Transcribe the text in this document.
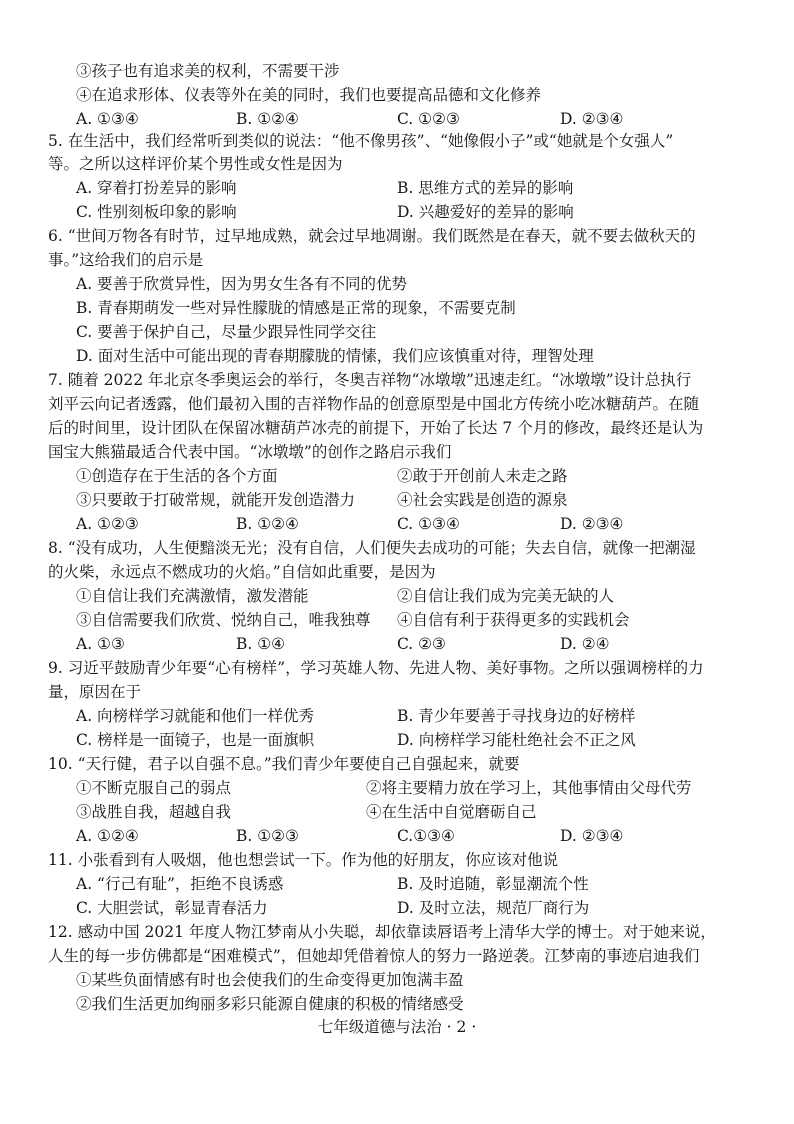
③孩子也有追求美的权利，不需要干涉
④在追求形体、仪表等外在美的同时，我们也要提高品德和文化修养
A. ①③④	B. ①②④	C. ①②③	D. ②③④
5. 在生活中，我们经常听到类似的说法：“他不像男孩”、“她像假小子”或“她就是个女强人”
等。之所以这样评价某个男性或女性是因为
A. 穿着打扮差异的影响	B. 思维方式的差异的影响
C. 性别刻板印象的影响	D. 兴趣爱好的差异的影响
6. “世间万物各有时节，过早地成熟，就会过早地凋谢。我们既然是在春天，就不要去做秋天的
事。”这给我们的启示是
A. 要善于欣赏异性，因为男女生各有不同的优势
B. 青春期萌发一些对异性朦胧的情感是正常的现象，不需要克制
C. 要善于保护自己，尽量少跟异性同学交往
D. 面对生活中可能出现的青春期朦胧的情愫，我们应该慎重对待，理智处理
7. 随着 2022 年北京冬季奥运会的举行，冬奥吉祥物“冰墩墩”迅速走红。“冰墩墩”设计总执行
刘平云向记者透露，他们最初入围的吉祥物作品的创意原型是中国北方传统小吃冰糖葫芦。在随
后的时间里，设计团队在保留冰糖葫芦冰壳的前提下，开始了长达 7 个月的修改，最终还是认为
国宝大熊猫最适合代表中国。“冰墩墩”的创作之路启示我们
①创造存在于生活的各个方面	②敢于开创前人未走之路
③只要敢于打破常规，就能开发创造潜力	④社会实践是创造的源泉
A. ①②③	B. ①②④	C. ①③④	D. ②③④
8. “没有成功，人生便黯淡无光；没有自信，人们便失去成功的可能；失去自信，就像一把潮湿
的火柴，永远点不燃成功的火焰。”自信如此重要，是因为
①自信让我们充满激情，激发潜能	②自信让我们成为完美无缺的人
③自信需要我们欣赏、悦纳自己，唯我独尊 ④自信有利于获得更多的实践机会
A. ①③	B. ①④	C. ②③	D. ②④
9. 习近平鼓励青少年要“心有榜样”，学习英雄人物、先进人物、美好事物。之所以强调榜样的力
量，原因在于
A. 向榜样学习就能和他们一样优秀	B. 青少年要善于寻找身边的好榜样
C. 榜样是一面镜子，也是一面旗帜	D. 向榜样学习能杜绝社会不正之风
10. “天行健，君子以自强不息。”我们青少年要使自己自强起来，就要
①不断克服自己的弱点	②将主要精力放在学习上，其他事情由父母代劳
③战胜自我，超越自我	④在生活中自觉磨砺自己
A. ①②④	B. ①②③	C.①③④	D. ②③④
11. 小张看到有人吸烟，他也想尝试一下。作为他的好朋友，你应该对他说
A. “行己有耻”，拒绝不良诱惑	B. 及时追随，彰显潮流个性
C. 大胆尝试，彰显青春活力	D. 及时立法，规范厂商行为
12. 感动中国 2021 年度人物江梦南从小失聪，却依靠读唇语考上清华大学的博士。对于她来说，
人生的每一步仿佛都是“困难模式”，但她却凭借着惊人的努力一路逆袭。江梦南的事迹启迪我们
①某些负面情感有时也会使我们的生命变得更加饱满丰盈
②我们生活更加绚丽多彩只能源自健康的积极的情绪感受
七年级道德与法治 · 2 ·
